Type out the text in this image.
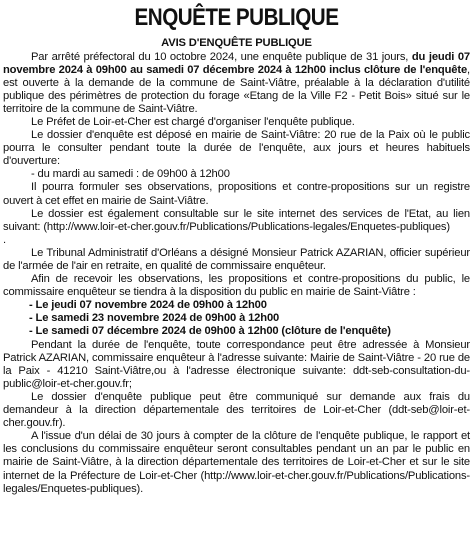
ENQUÊTE PUBLIQUE
AVIS D'ENQUÊTE PUBLIQUE

Par arrêté préfectoral du 10 octobre 2024, une enquête publique de 31 jours, du jeudi 07 novembre 2024 à 09h00 au samedi 07 décembre 2024 à 12h00 inclus clôture de l'enquête, est ouverte à la demande de la commune de Saint-Viâtre, préalable à la déclaration d'utilité publique des périmètres de protection du forage «Etang de la Ville F2 - Petit Bois» situé sur le territoire de la commune de Saint-Viâtre.

Le Préfet de Loir-et-Cher est chargé d'organiser l'enquête publique.

Le dossier d'enquête est déposé en mairie de Saint-Viâtre: 20 rue de la Paix où le public pourra le consulter pendant toute la durée de l'enquête, aux jours et heures habituels d'ouverture:

- du mardi au samedi : de 09h00 à 12h00

Il pourra formuler ses observations, propositions et contre-propositions sur un registre ouvert à cet effet en mairie de Saint-Viâtre.

Le dossier est également consultable sur le site internet des services de l'Etat, au lien suivant: (http://www.loir-et-cher.gouv.fr/Publications/Publications-legales/Enquetes-publiques)

.

Le Tribunal Administratif d'Orléans a désigné Monsieur Patrick AZARIAN, officier supérieur de l'armée de l'air en retraite, en qualité de commissaire enquêteur.

Afin de recevoir les observations, les propositions et contre-propositions du public, le commissaire enquêteur se tiendra à la disposition du public en mairie de Saint-Viâtre :

- Le jeudi 07 novembre 2024 de 09h00 à 12h00
- Le samedi 23 novembre 2024 de 09h00 à 12h00
- Le samedi 07 décembre 2024 de 09h00 à 12h00 (clôture de l'enquête)

Pendant la durée de l'enquête, toute correspondance peut être adressée à Monsieur Patrick AZARIAN, commissaire enquêteur à l'adresse suivante: Mairie de Saint-Viâtre - 20 rue de la Paix - 41210 Saint-Viâtre,ou à l'adresse électronique suivante: ddt-seb-consultation-du-public@loir-et-cher.gouv.fr;

Le dossier d'enquête publique peut être communiqué sur demande aux frais du demandeur à la direction départementale des territoires de Loir-et-Cher (ddt-seb@loir-et-cher.gouv.fr).

A l'issue d'un délai de 30 jours à compter de la clôture de l'enquête publique, le rapport et les conclusions du commissaire enquêteur seront consultables pendant un an par le public en mairie de Saint-Viâtre, à la direction départementale des territoires de Loir-et-Cher et sur le site internet de la Préfecture de Loir-et-Cher (http://www.loir-et-cher.gouv.fr/Publications/Publications-legales/Enquetes-publiques).
